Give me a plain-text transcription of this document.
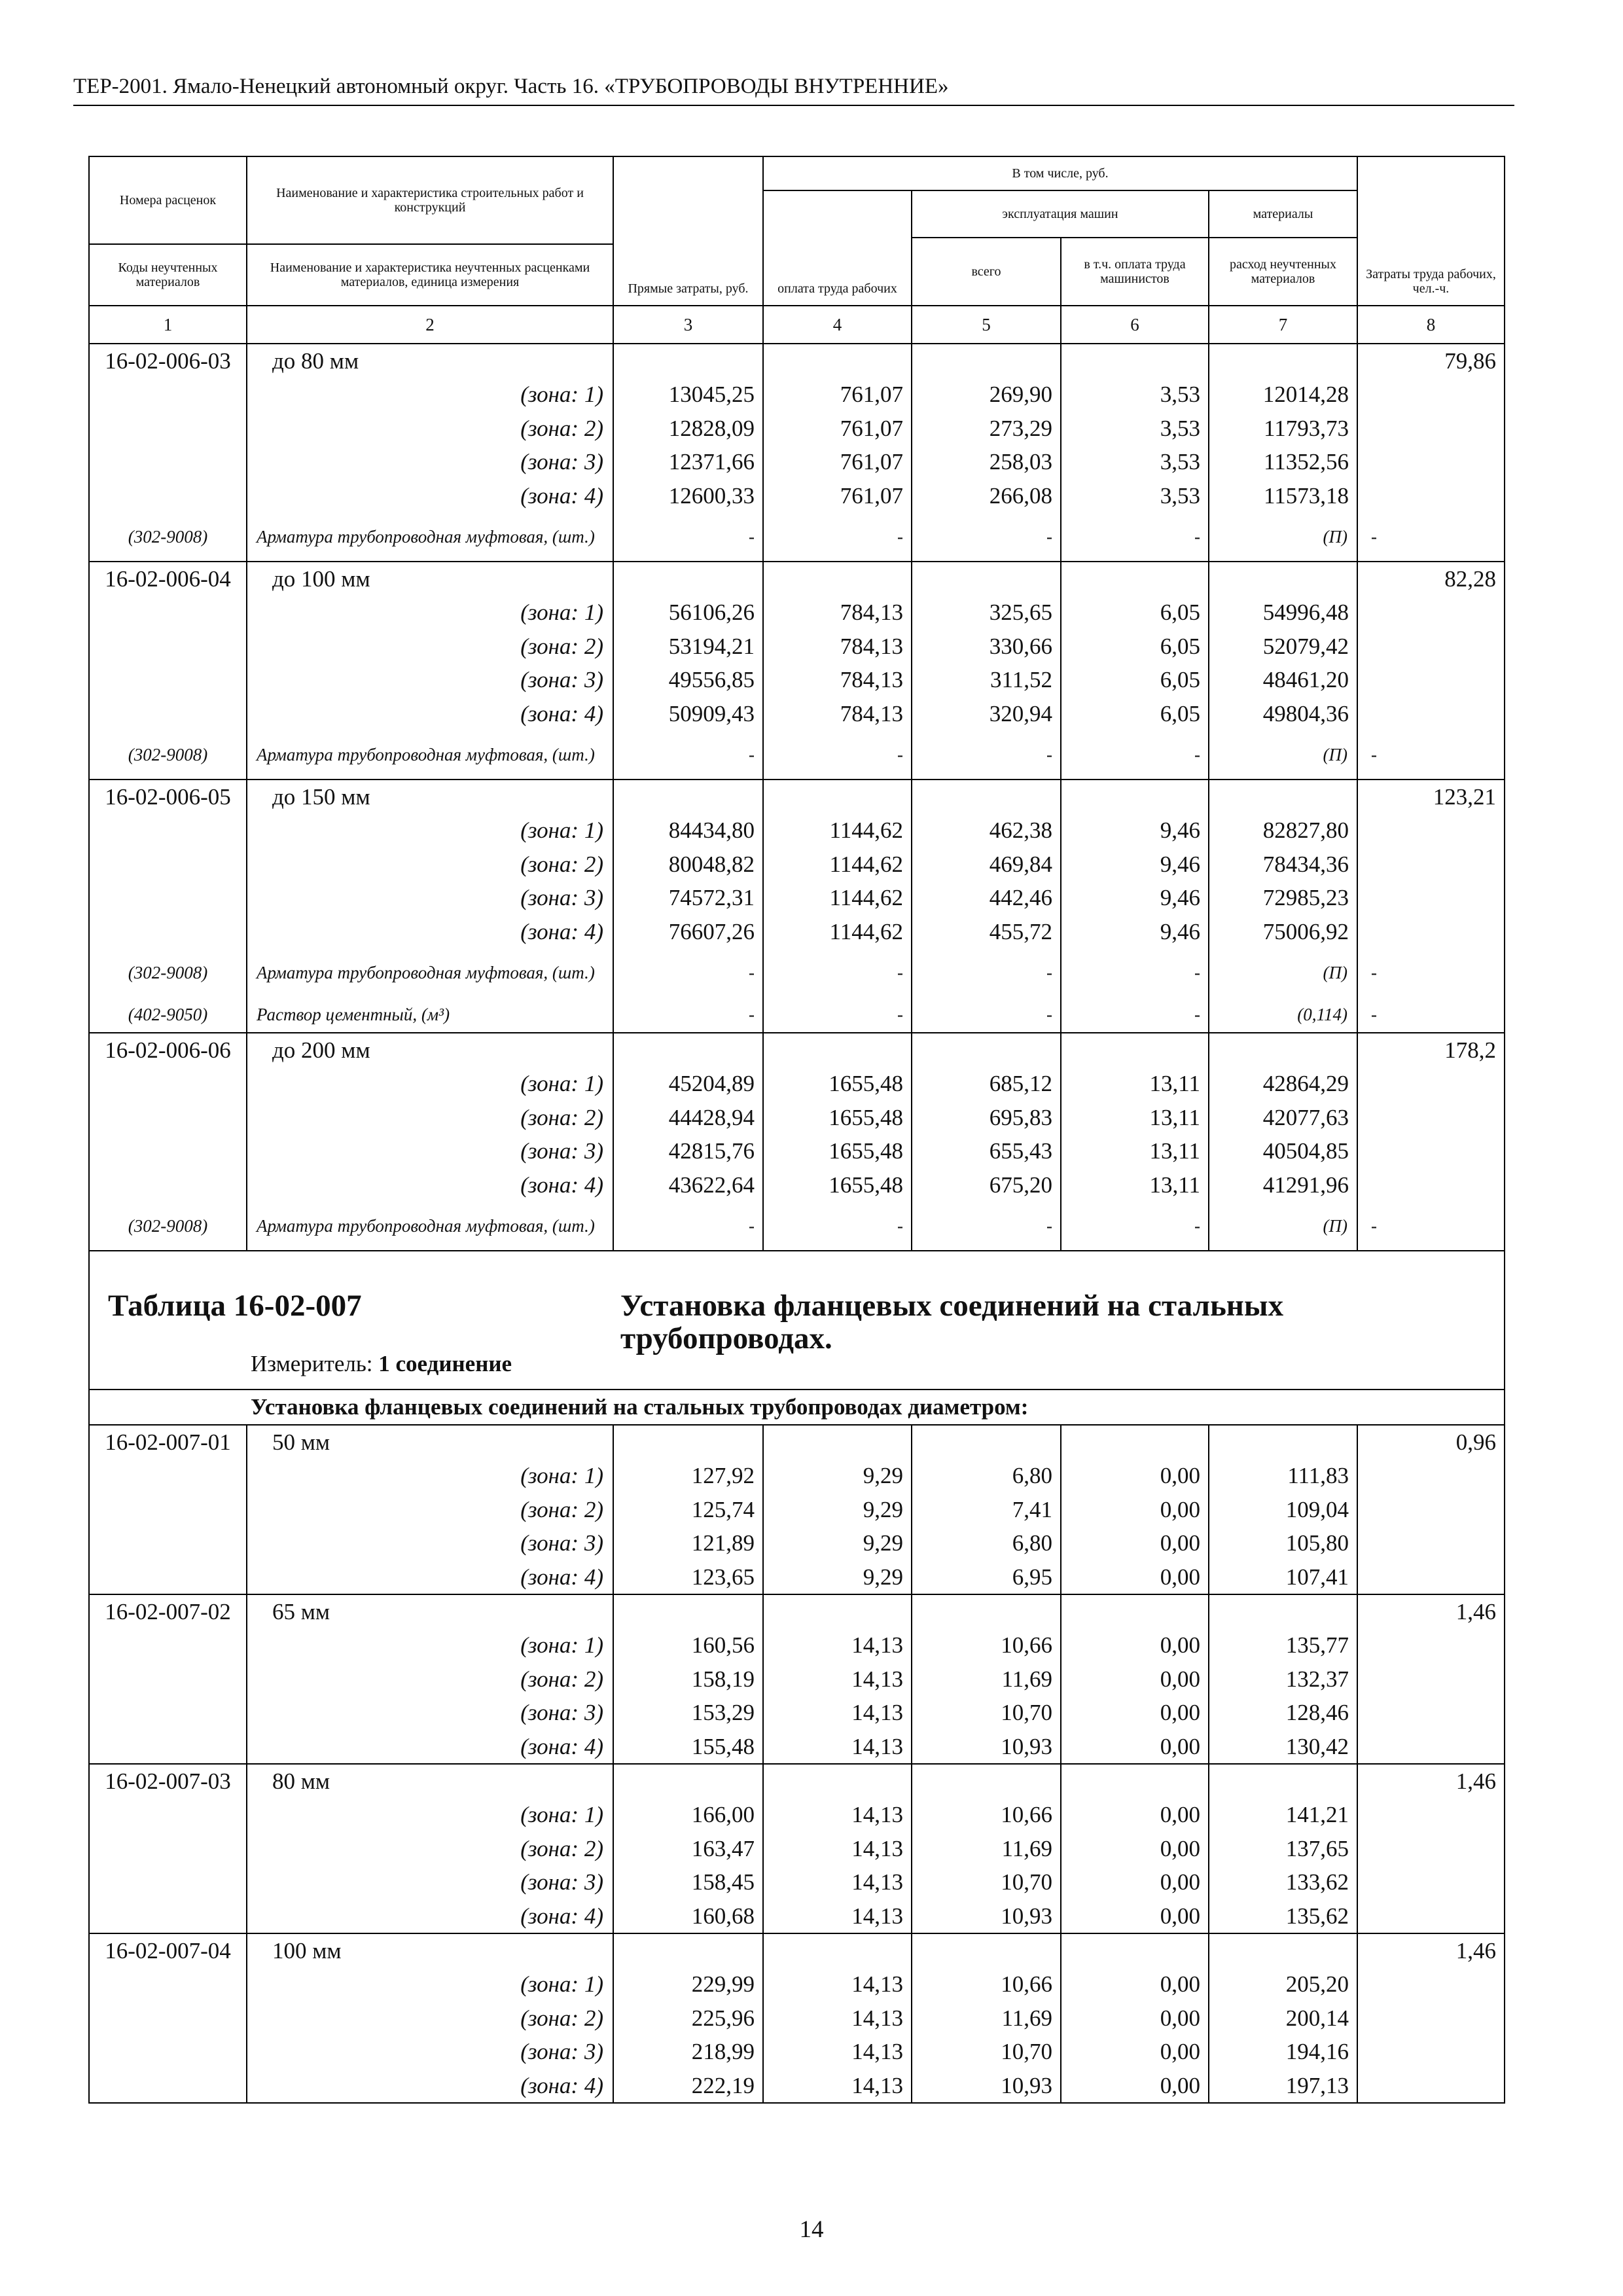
ТЕР-2001. Ямало-Ненецкий автономный округ. Часть 16. «ТРУБОПРОВОДЫ ВНУТРЕННИЕ»
Номера расценок	Наименование и характеристика строительных работ и конструкций	Прямые затраты, руб.	В том числе, руб.				Затраты труда рабочих, чел.-ч.
			оплата труда рабочих	эксплуатация машин		материалы	
				всего	в т.ч. оплата труда машинистов	расход неучтенных материалов	
Коды неучтенных материалов	Наименование и характеристика неучтенных расценками материалов, единица измерения						

1	2	3	4	5	6	7	8
16-02-006-03	до 80 мм						79,86
	(зона: 1)	13045,25	761,07	269,90	3,53	12014,28	
	(зона: 2)	12828,09	761,07	273,29	3,53	11793,73	
	(зона: 3)	12371,66	761,07	258,03	3,53	11352,56	
	(зона: 4)	12600,33	761,07	266,08	3,53	11573,18	
(302-9008)	Арматура трубопроводная муфтовая, (шт.)	-	-	-	-	(П)	-
16-02-006-04	до 100 мм						82,28
	(зона: 1)	56106,26	784,13	325,65	6,05	54996,48	
	(зона: 2)	53194,21	784,13	330,66	6,05	52079,42	
	(зона: 3)	49556,85	784,13	311,52	6,05	48461,20	
	(зона: 4)	50909,43	784,13	320,94	6,05	49804,36	
(302-9008)	Арматура трубопроводная муфтовая, (шт.)	-	-	-	-	(П)	-
16-02-006-05	до 150 мм						123,21
	(зона: 1)	84434,80	1144,62	462,38	9,46	82827,80	
	(зона: 2)	80048,82	1144,62	469,84	9,46	78434,36	
	(зона: 3)	74572,31	1144,62	442,46	9,46	72985,23	
	(зона: 4)	76607,26	1144,62	455,72	9,46	75006,92	
(302-9008)	Арматура трубопроводная муфтовая, (шт.)	-	-	-	-	(П)	-
(402-9050)	Раствор цементный, (м³)	-	-	-	-	(0,114)	-
16-02-006-06	до 200 мм						178,2
	(зона: 1)	45204,89	1655,48	685,12	13,11	42864,29	
	(зона: 2)	44428,94	1655,48	695,83	13,11	42077,63	
	(зона: 3)	42815,76	1655,48	655,43	13,11	40504,85	
	(зона: 4)	43622,64	1655,48	675,20	13,11	41291,96	
(302-9008)	Арматура трубопроводная муфтовая, (шт.)	-	-	-	-	(П)	-

Таблица 16-02-007 Установка фланцевых соединений на стальных трубопроводах.
Измеритель: 1 соединение							

Установка фланцевых соединений на стальных трубопроводах диаметром:							
16-02-007-01	50 мм						0,96
	(зона: 1)	127,92	9,29	6,80	0,00	111,83	
	(зона: 2)	125,74	9,29	7,41	0,00	109,04	
	(зона: 3)	121,89	9,29	6,80	0,00	105,80	
	(зона: 4)	123,65	9,29	6,95	0,00	107,41	
16-02-007-02	65 мм						1,46
	(зона: 1)	160,56	14,13	10,66	0,00	135,77	
	(зона: 2)	158,19	14,13	11,69	0,00	132,37	
	(зона: 3)	153,29	14,13	10,70	0,00	128,46	
	(зона: 4)	155,48	14,13	10,93	0,00	130,42	
16-02-007-03	80 мм						1,46
	(зона: 1)	166,00	14,13	10,66	0,00	141,21	
	(зона: 2)	163,47	14,13	11,69	0,00	137,65	
	(зона: 3)	158,45	14,13	10,70	0,00	133,62	
	(зона: 4)	160,68	14,13	10,93	0,00	135,62	
16-02-007-04	100 мм						1,46
	(зона: 1)	229,99	14,13	10,66	0,00	205,20	
	(зона: 2)	225,96	14,13	11,69	0,00	200,14	
	(зона: 3)	218,99	14,13	10,70	0,00	194,16	
	(зона: 4)	222,19	14,13	10,93	0,00	197,13	
14
